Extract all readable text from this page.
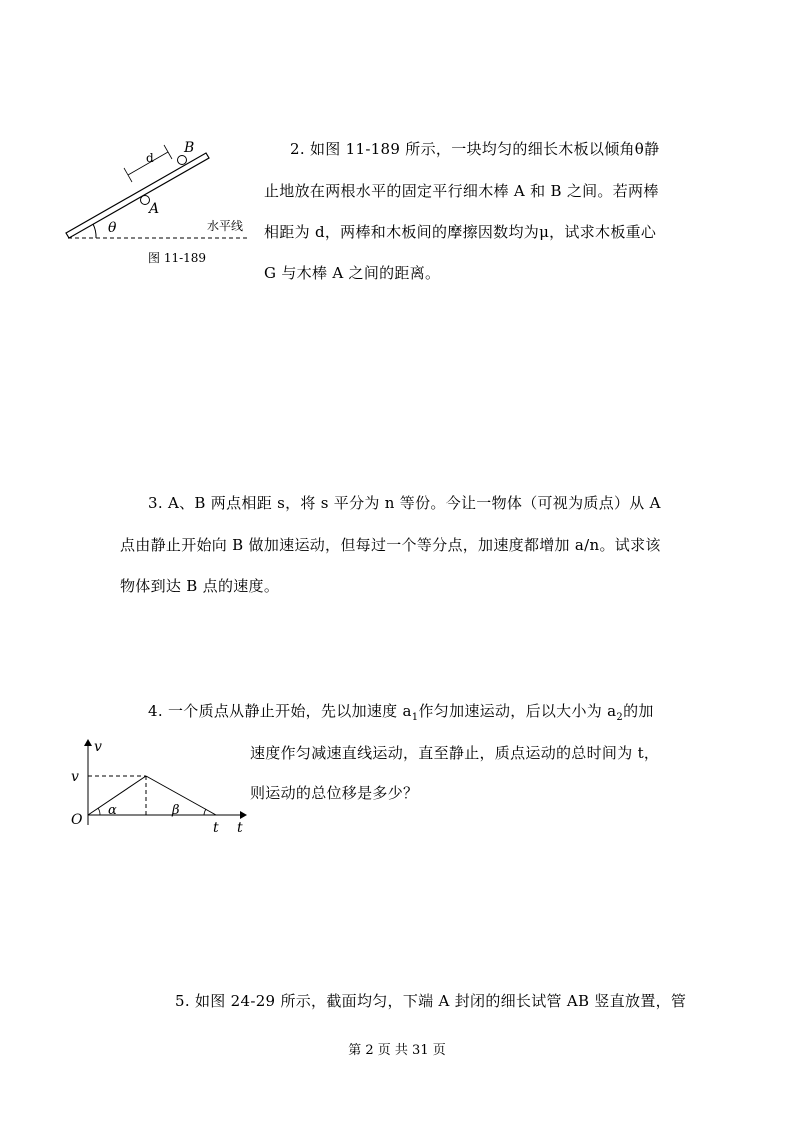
d
B
A
θ	水平线
图 11-189
2. 如图 11-189 所示，一块均匀的细长木板以倾角θ静
止地放在两根水平的固定平行细木棒 A 和 B 之间。若两棒
相距为 d，两棒和木板间的摩擦因数均为μ，试求木板重心
G 与木棒 A 之间的距离。
3. A、B 两点相距 s，将 s 平分为 n 等份。今让一物体（可视为质点）从 A
点由静止开始向 B 做加速运动，但每过一个等分点，加速度都增加 a/n。试求该
物体到达 B 点的速度。
4. 一个质点从静止开始，先以加速度 $a_1$作匀加速运动，后以大小为 $a_2$的加
速度作匀减速直线运动，直至静止，质点运动的总时间为 t，
则运动的总位移是多少？
v
v
O
α	β
t t
5. 如图 24-29 所示，截面均匀，下端 A 封闭的细长试管 AB 竖直放置，管
第 2 页 共 31 页
